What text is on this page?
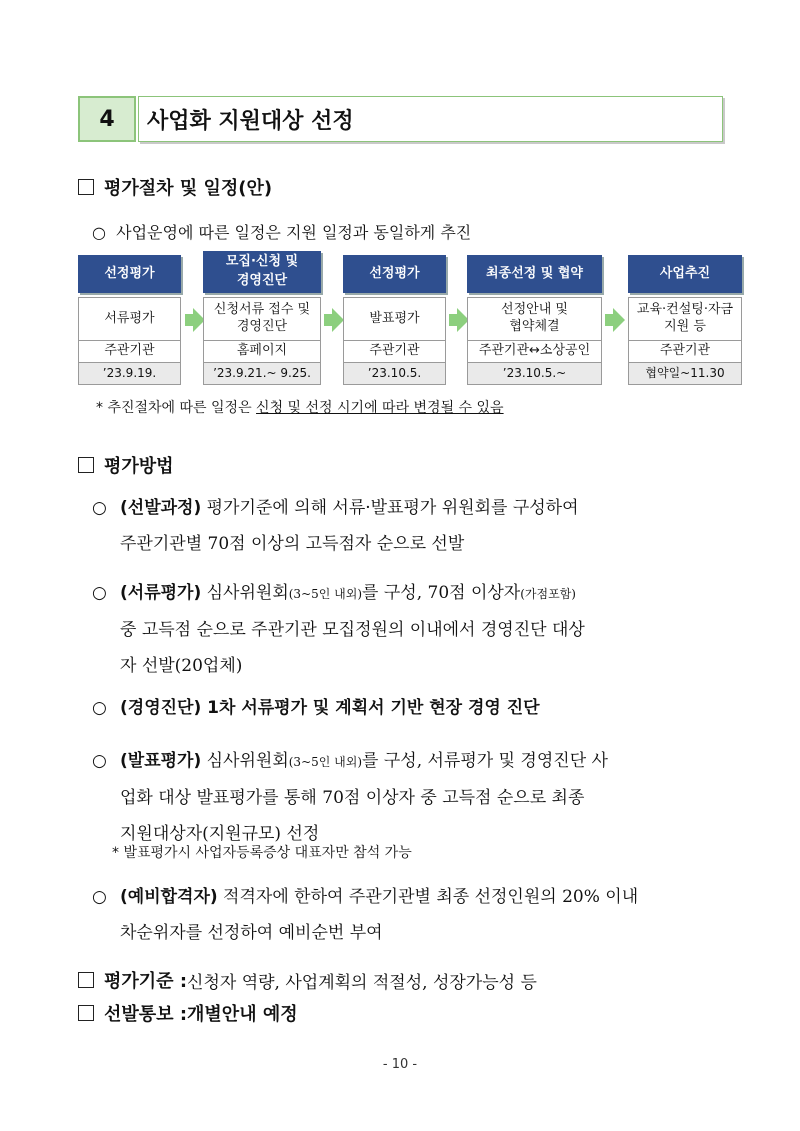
4	사업화 지원대상 선정
평가절차 및 일정(안)
○ 사업운영에 따른 일정은 지원 일정과 동일하게 추진
선정평가
서류평가
주관기관
’23.9.19.
모집·신청 및
경영진단
신청서류 접수 및
경영진단
홈페이지
’23.9.21.~ 9.25.
선정평가
발표평가
주관기관
’23.10.5.
최종선정 및 협약
선정안내 및
협약체결
주관기관↔소상공인
’23.10.5.~
사업추진
교육·컨설팅·자금
지원 등
주관기관
협약일~11.30
* 추진절차에 따른 일정은 신청 및 선정 시기에 따라 변경될 수 있음
평가방법
○ (선발과정) 평가기준에 의해 서류·발표평가 위원회를 구성하여
주관기관별 70점 이상의 고득점자 순으로 선발
○ (서류평가) 심사위원회(3~5인 내외)를 구성, 70점 이상자(가점포함)
중 고득점 순으로 주관기관 모집정원의 이내에서 경영진단 대상
자 선발(20업체)
○ (경영진단) 1차 서류평가 및 계획서 기반 현장 경영 진단
○ (발표평가) 심사위원회(3~5인 내외)를 구성, 서류평가 및 경영진단 사
업화 대상 발표평가를 통해 70점 이상자 중 고득점 순으로 최종
지원대상자(지원규모) 선정
* 발표평가시 사업자등록증상 대표자만 참석 가능
○ (예비합격자) 적격자에 한하여 주관기관별 최종 선정인원의 20% 이내
차순위자를 선정하여 예비순번 부여
평가기준 : 신청자 역량, 사업계획의 적절성, 성장가능성 등
선발통보 : 개별안내 예정
- 10 -
